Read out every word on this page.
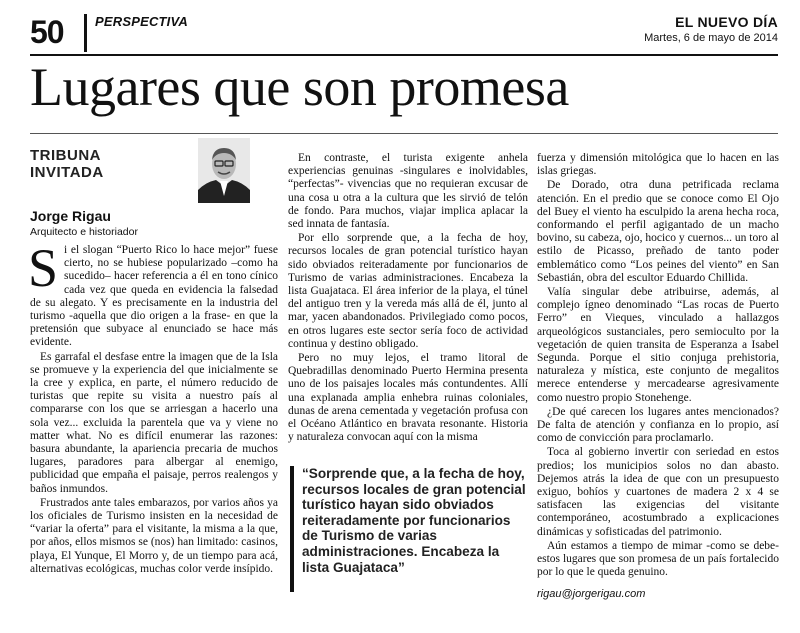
50 PERSPECTIVA	EL NUEVO DÍA
Martes, 6 de mayo de 2014
Lugares que son promesa
TRIBUNA
INVITADA
Jorge Rigau
Arquitecto e historiador

Si el slogan “Puerto Rico lo hace mejor” fuese cierto, no se hubiese popularizado –como ha sucedido– hacer referencia a él en tono cínico cada vez que queda en evidencia la falsedad de su alegato. Y es precisamente en la industria del turismo -aquella que dio origen a la frase- en que la pretensión que subyace al enunciado se hace más evidente.

Es garrafal el desfase entre la imagen que de la Isla se promueve y la experiencia del que inicialmente se la cree y explica, en parte, el número reducido de turistas que repite su visita a nuestro país al compararse con los que se arriesgan a hacerlo una sola vez... excluida la parentela que va y viene no matter what. No es difícil enumerar las razones: basura abundante, la apariencia precaria de muchos lugares, paradores para albergar al enemigo, publicidad que empaña el paisaje, perros realengos y baños inmundos.

Frustrados ante tales embarazos, por varios años ya los oficiales de Turismo insisten en la necesidad de “variar la oferta” para el visitante, la misma a la que, por años, ellos mismos se (nos) han limitado: casinos, playa, El Yunque, El Morro y, de un tiempo para acá, alternativas ecológicas, muchas color verde insípido.

En contraste, el turista exigente anhela experiencias genuinas -singulares e inolvidables, “perfectas”- vivencias que no requieran excusar de una cosa u otra a la cultura que les sirvió de telón de fondo. Para muchos, viajar implica aplacar la sed innata de fantasía.

Por ello sorprende que, a la fecha de hoy, recursos locales de gran potencial turístico hayan sido obviados reiteradamente por funcionarios de Turismo de varias administraciones. Encabeza la lista Guajataca. El área inferior de la playa, el túnel del antiguo tren y la vereda más allá de él, junto al mar, yacen abandonados. Privilegiado como pocos, en otros lugares este sector sería foco de actividad continua y destino obligado.

Pero no muy lejos, el tramo litoral de Quebradillas denominado Puerto Hermina presenta uno de los paisajes locales más contundentes. Allí una explanada amplia enhebra ruinas coloniales, dunas de arena cementada y vegetación profusa con el Océano Atlántico en bravata resonante. Historia y naturaleza convocan aquí con la misma

“Sorprende que, a la fecha de hoy, recursos locales de gran potencial turístico hayan sido obviados reiteradamente por funcionarios de Turismo de varias administraciones. Encabeza la lista Guajataca”

fuerza y dimensión mitológica que lo hacen en las islas griegas.

De Dorado, otra duna petrificada reclama atención. En el predio que se conoce como El Ojo del Buey el viento ha esculpido la arena hecha roca, conformando el perfil agigantado de un macho bovino, su cabeza, ojo, hocico y cuernos... un toro al estilo de Picasso, preñado de tanto poder emblemático como “Los peines del viento” en San Sebastián, obra del escultor Eduardo Chillida.

Valía singular debe atribuirse, además, al complejo ígneo denominado “Las rocas de Puerto Ferro” en Vieques, vinculado a hallazgos arqueológicos sustanciales, pero semioculto por la vegetación de quien transita de Esperanza a Isabel Segunda. Porque el sitio conjuga prehistoria, naturaleza y mística, este conjunto de megalitos merece entenderse y mercadearse agresivamente como nuestro propio Stonehenge.

¿De qué carecen los lugares antes mencionados? De falta de atención y confianza en lo propio, así como de convicción para proclamarlo.

Toca al gobierno invertir con seriedad en estos predios; los municipios solos no dan abasto. Dejemos atrás la idea de que con un presupuesto exiguo, bohíos y cuartones de madera 2 x 4 se satisfacen las exigencias del visitante contemporáneo, acostumbrado a explicaciones dinámicas y sofisticadas del patrimonio.

Aún estamos a tiempo de mimar -como se debe- estos lugares que son promesa de un país fortalecido por lo que le queda genuino.

rigau@jorgerigau.com
